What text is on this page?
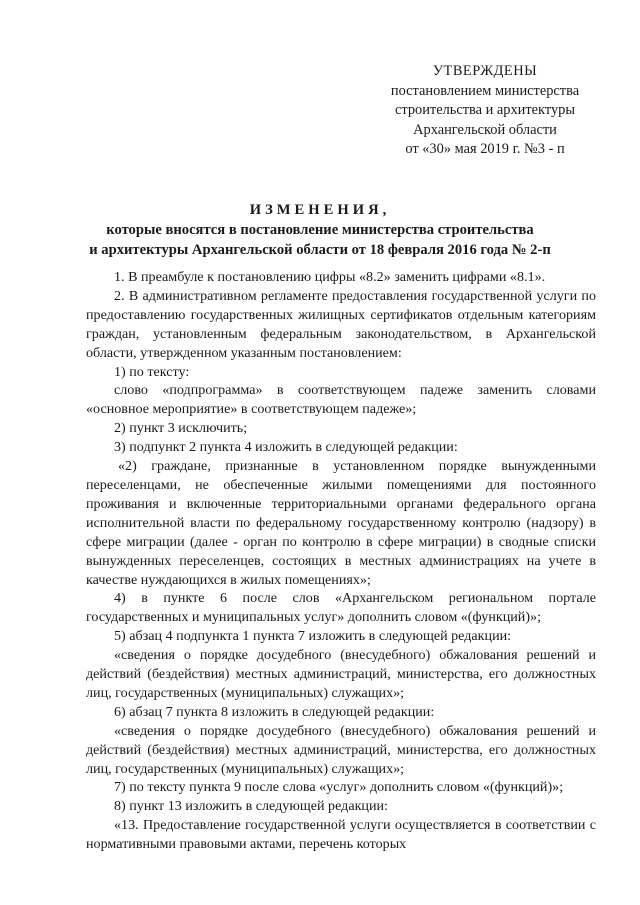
УТВЕРЖДЕНЫ
постановлением министерства
строительства и архитектуры
Архангельской области
от «30» мая 2019 г. №3 - п
ИЗМЕНЕНИЯ,
которые вносятся в постановление министерства строительства
и архитектуры Архангельской области от 18 февраля 2016 года № 2-п

1. В преамбуле к постановлению цифры «8.2» заменить цифрами «8.1».

2. В административном регламенте предоставления государственной услуги по предоставлению государственных жилищных сертификатов отдельным категориям граждан, установленным федеральным законодательством, в Архангельской области, утвержденном указанным постановлением:

1) по тексту:

слово «подпрограмма» в соответствующем падеже заменить словами «основное мероприятие» в соответствующем падеже»;

2) пункт 3 исключить;

3) подпункт 2 пункта 4 изложить в следующей редакции:

«2) граждане, признанные в установленном порядке вынужденными переселенцами, не обеспеченные жилыми помещениями для постоянного проживания и включенные территориальными органами федерального органа исполнительной власти по федеральному государственному контролю (надзору) в сфере миграции (далее - орган по контролю в сфере миграции) в сводные списки вынужденных переселенцев, состоящих в местных администрациях на учете в качестве нуждающихся в жилых помещениях»;

4) в пункте 6 после слов «Архангельском региональном портале государственных и муниципальных услуг» дополнить словом «(функций)»;

5) абзац 4 подпункта 1 пункта 7 изложить в следующей редакции:

«сведения о порядке досудебного (внесудебного) обжалования решений и действий (бездействия) местных администраций, министерства, его должностных лиц, государственных (муниципальных) служащих»;

6) абзац 7 пункта 8 изложить в следующей редакции:

«сведения о порядке досудебного (внесудебного) обжалования решений и действий (бездействия) местных администраций, министерства, его должностных лиц, государственных (муниципальных) служащих»;

7) по тексту пункта 9 после слова «услуг» дополнить словом «(функций)»;

8) пункт 13 изложить в следующей редакции:

«13. Предоставление государственной услуги осуществляется в соответствии с нормативными правовыми актами, перечень которых
